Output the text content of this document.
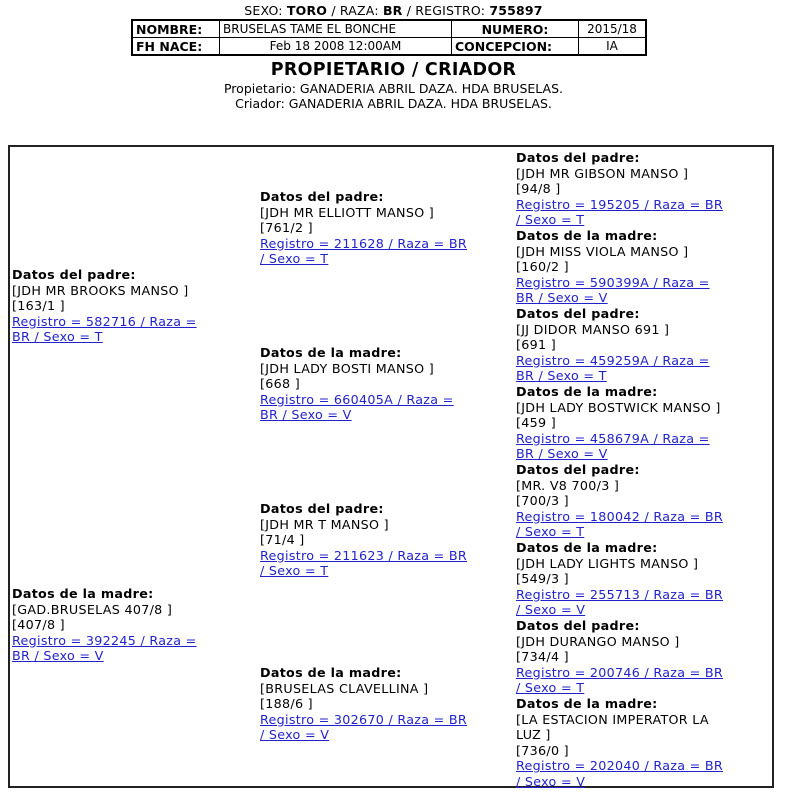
SEXO: TORO / RAZA: BR / REGISTRO: 755897
NOMBRE:	BRUSELAS TAME EL BONCHE	NUMERO:	2015/18
FH NACE:	Feb 18 2008 12:00AM	CONCEPCION:	IA
PROPIETARIO / CRIADOR
Propietario: GANADERIA ABRIL DAZA. HDA BRUSELAS.
Criador: GANADERIA ABRIL DAZA. HDA BRUSELAS.
Datos del padre:
[JDH MR BROOKS MANSO ]
[163/1 ]
Registro = 582716 / Raza =
BR / Sexo = T
Datos de la madre:
[GAD.BRUSELAS 407/8 ]
[407/8 ]
Registro = 392245 / Raza =
BR / Sexo = V
Datos del padre:
[JDH MR ELLIOTT MANSO ]
[761/2 ]
Registro = 211628 / Raza = BR
/ Sexo = T
Datos de la madre:
[JDH LADY BOSTI MANSO ]
[668 ]
Registro = 660405A / Raza =
BR / Sexo = V
Datos del padre:
[JDH MR T MANSO ]
[71/4 ]
Registro = 211623 / Raza = BR
/ Sexo = T
Datos de la madre:
[BRUSELAS CLAVELLINA ]
[188/6 ]
Registro = 302670 / Raza = BR
/ Sexo = V
Datos del padre:
[JDH MR GIBSON MANSO ]
[94/8 ]
Registro = 195205 / Raza = BR
/ Sexo = T
Datos de la madre:
[JDH MISS VIOLA MANSO ]
[160/2 ]
Registro = 590399A / Raza =
BR / Sexo = V
Datos del padre:
[JJ DIDOR MANSO 691 ]
[691 ]
Registro = 459259A / Raza =
BR / Sexo = T
Datos de la madre:
[JDH LADY BOSTWICK MANSO ]
[459 ]
Registro = 458679A / Raza =
BR / Sexo = V
Datos del padre:
[MR. V8 700/3 ]
[700/3 ]
Registro = 180042 / Raza = BR
/ Sexo = T
Datos de la madre:
[JDH LADY LIGHTS MANSO ]
[549/3 ]
Registro = 255713 / Raza = BR
/ Sexo = V
Datos del padre:
[JDH DURANGO MANSO ]
[734/4 ]
Registro = 200746 / Raza = BR
/ Sexo = T
Datos de la madre:
[LA ESTACION IMPERATOR LA
LUZ ]
[736/0 ]
Registro = 202040 / Raza = BR
/ Sexo = V
